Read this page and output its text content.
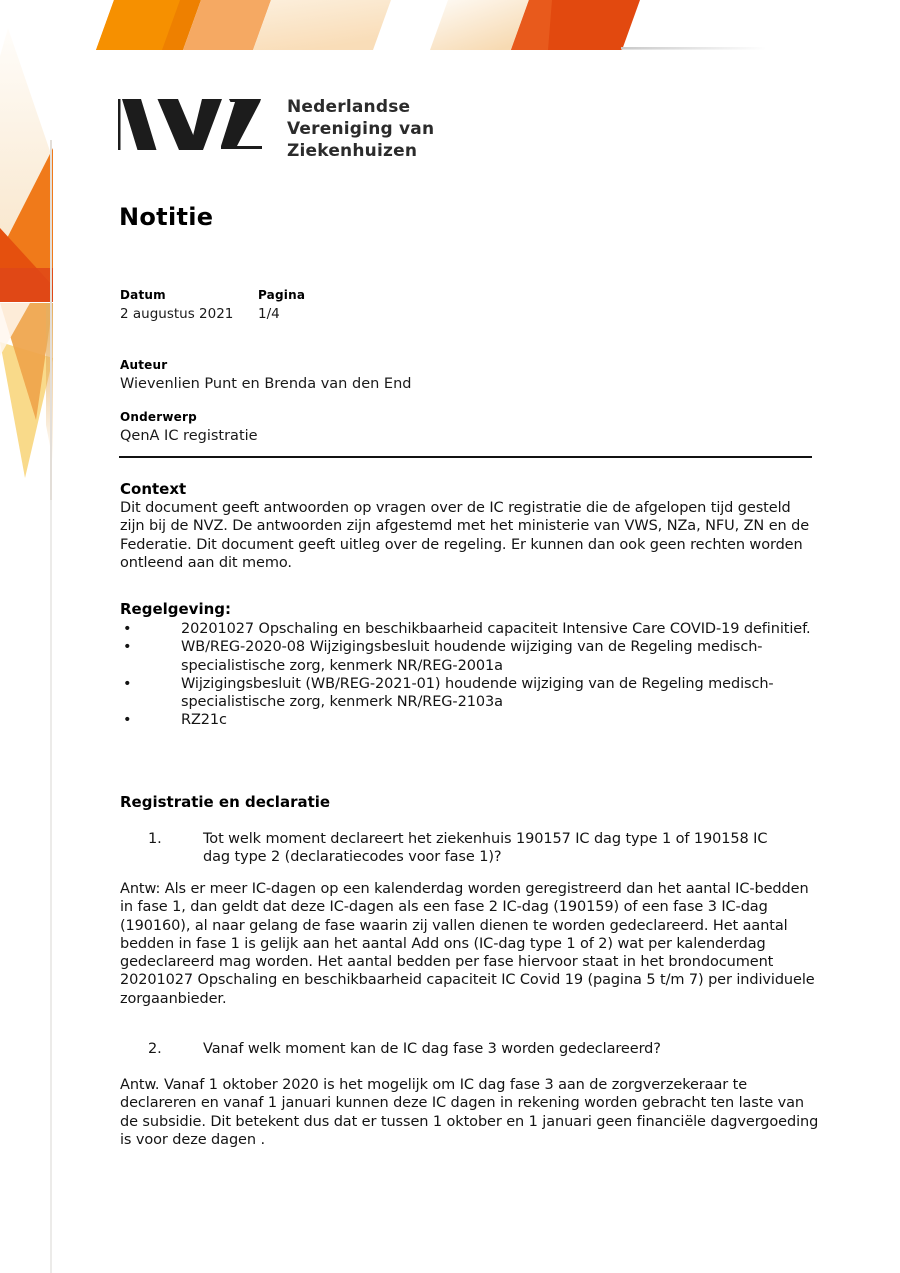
Nederlandse
Vereniging van
Ziekenhuizen
Notitie
Datum
2 augustus 2021
Pagina
1/4
Auteur
Wievenlien Punt en Brenda van den End
Onderwerp
QenA IC registratie
Context
Dit document geeft antwoorden op vragen over de IC registratie die de afgelopen tijd gesteld zijn bij de NVZ. De antwoorden zijn afgestemd met het ministerie van VWS, NZa, NFU, ZN en de Federatie. Dit document geeft uitleg over de regeling. Er kunnen dan ook geen rechten worden ontleend aan dit memo.
Regelgeving:
•	20201027 Opschaling en beschikbaarheid capaciteit Intensive Care COVID-19 definitief.
•	WB/REG-2020-08 Wijzigingsbesluit houdende wijziging van de Regeling medisch-specialistische zorg, kenmerk NR/REG-2001a
•	Wijzigingsbesluit (WB/REG-2021-01) houdende wijziging van de Regeling medisch-specialistische zorg, kenmerk NR/REG-2103a
•	RZ21c
Registratie en declaratie
1.	Tot welk moment declareert het ziekenhuis 190157 IC dag type 1 of 190158 IC dag type 2 (declaratiecodes voor fase 1)?
Antw: Als er meer IC-dagen op een kalenderdag worden geregistreerd dan het aantal IC-bedden in fase 1, dan geldt dat deze IC-dagen als een fase 2 IC-dag (190159) of een fase 3 IC-dag (190160), al naar gelang de fase waarin zij vallen dienen te worden gedeclareerd. Het aantal bedden in fase 1 is gelijk aan het aantal Add ons (IC-dag type 1 of 2) wat per kalenderdag gedeclareerd mag worden. Het aantal bedden per fase hiervoor staat in het brondocument 20201027 Opschaling en beschikbaarheid capaciteit IC Covid 19 (pagina 5 t/m 7) per individuele zorgaanbieder.
2.	Vanaf welk moment kan de IC dag fase 3 worden gedeclareerd?
Antw. Vanaf 1 oktober 2020 is het mogelijk om IC dag fase 3 aan de zorgverzekeraar te declareren en vanaf 1 januari kunnen deze IC dagen in rekening worden gebracht ten laste van de subsidie. Dit betekent dus dat er tussen 1 oktober en 1 januari geen financiële dagvergoeding is voor deze dagen .
